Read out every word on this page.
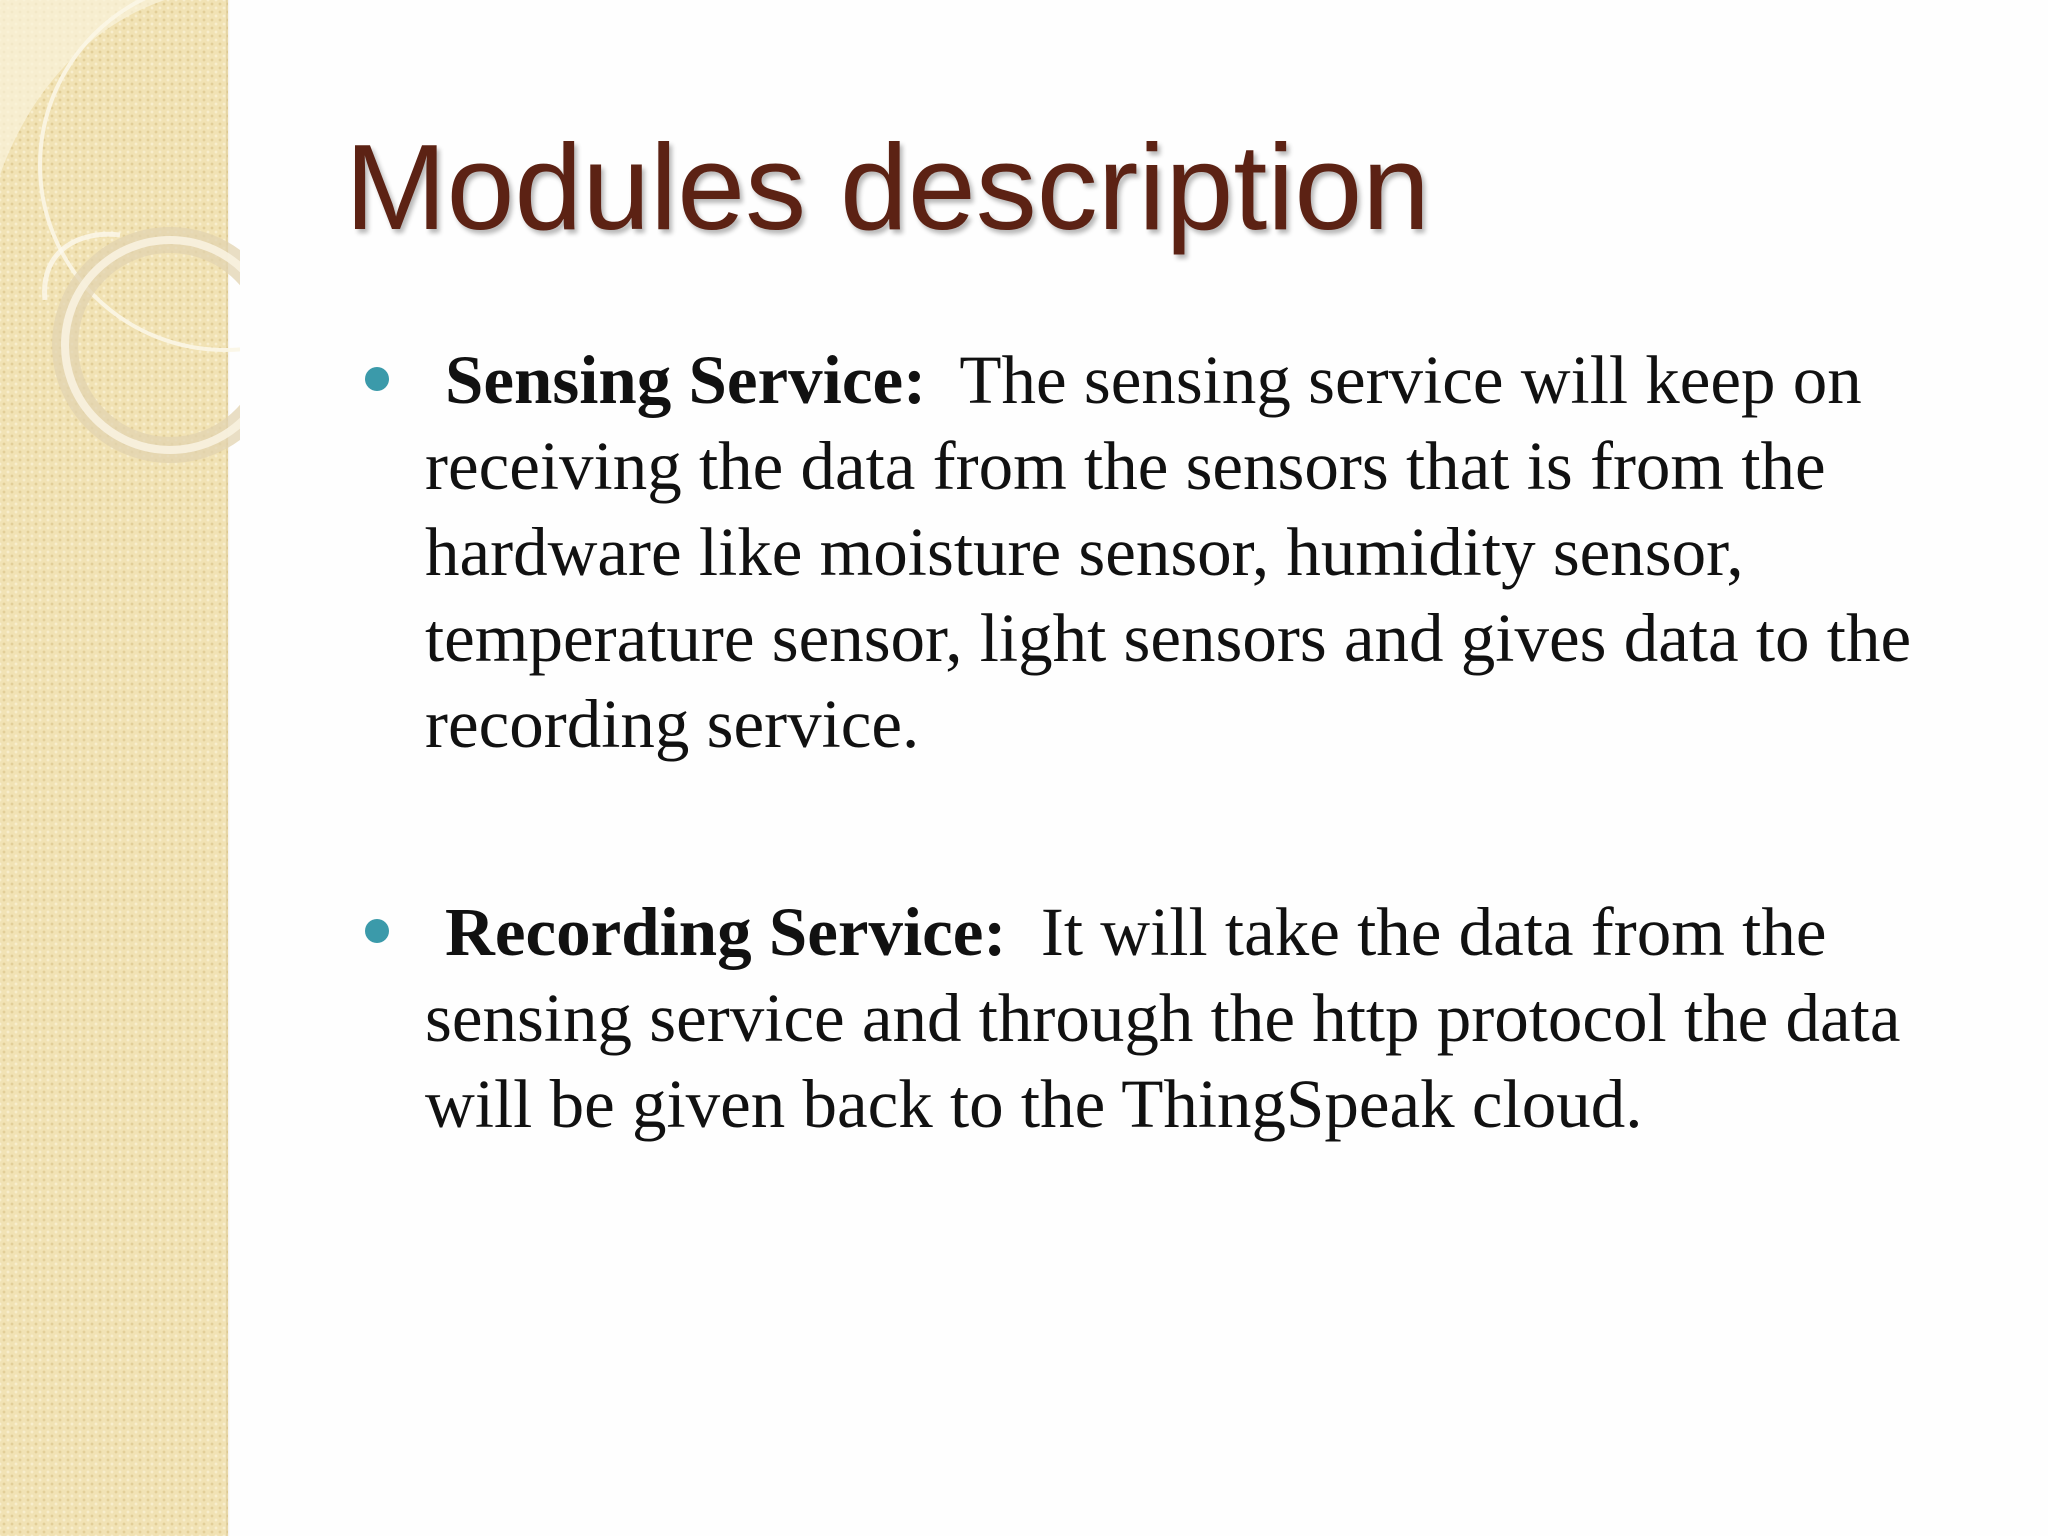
Modules description
Sensing Service: The sensing service will keep on receiving the data from the sensors that is from the hardware like moisture sensor, humidity sensor, temperature sensor, light sensors and gives data to the recording service.
Recording Service: It will take the data from the sensing service and through the http protocol the data will be given back to the ThingSpeak cloud.
